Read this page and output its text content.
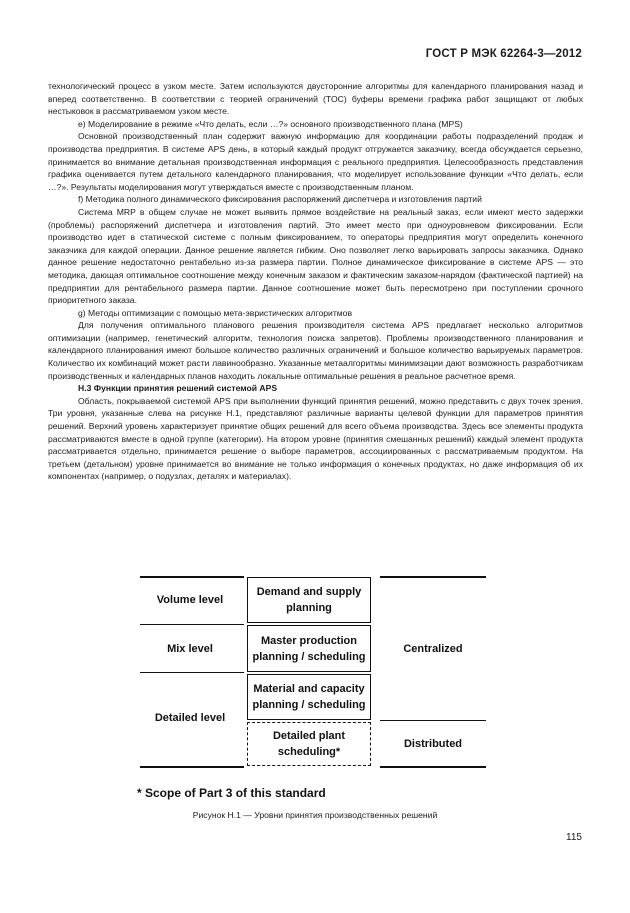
ГОСТ Р МЭК 62264-3—2012

технологический процесс в узком месте. Затем используются двусторонние алгоритмы для календарного планирования назад и вперед соответственно. В соответствии с теорией ограничений (TOC) буферы времени графика работ защищают от любых нестыковок в рассматриваемом узком месте.

e) Моделирование в режиме «Что делать, если …?» основного производственного плана (MPS)

Основной производственный план содержит важную информацию для координации работы подразделений продаж и производства предприятия. В системе APS день, в который каждый продукт отгружается заказчику, всегда обсуждается серьезно, принимается во внимание детальная производственная информация с реального предприятия. Целесообразность представления графика оценивается путем детального календарного планирования, что моделирует использование функции «Что делать, если …?». Результаты моделирования могут утверждаться вместе с производственным планом.

f) Методика полного динамического фиксирования распоряжений диспетчера и изготовления партий

Система MRP в общем случае не может выявить прямое воздействие на реальный заказ, если имеют место задержки (проблемы) распоряжений диспетчера и изготовления партий. Это имеет место при одноуровневом фиксировании. Если производство идет в статической системе с полным фиксированием, то операторы предприятия могут определить конечного заказчика для каждой операции. Данное решение является гибким. Оно позволяет легко варьировать запросы заказчика. Однако данное решение недостаточно рентабельно из-за размера партии. Полное динамическое фиксирование в системе APS — это методика, дающая оптимальное соотношение между конечным заказом и фактическим заказом-нарядом (фактической партией) на предприятии для рентабельного размера партии. Данное соотношение может быть пересмотрено при поступлении срочного приоритетного заказа.

g) Методы оптимизации с помощью мета-эвристических алгоритмов

Для получения оптимального планового решения производителя система APS предлагает несколько алгоритмов оптимизации (например, генетический алгоритм, технология поиска запретов). Проблемы производственного планирования и календарного планирования имеют большое количество различных ограничений и большое количество варьируемых параметров. Количество их комбинаций может расти лавинообразно. Указанные метаалгоритмы минимизации дают возможность разработчикам производственных и календарных планов находить локальные оптимальные решения в реальное расчетное время.

Н.3 Функции принятия решений системой APS

Область, покрываемой системой APS при выполнении функций принятия решений, можно представить с двух точек зрения. Три уровня, указанные слева на рисунке Н.1, представляют различные варианты целевой функции для параметров принятия решений. Верхний уровень характеризует принятие общих решений для всего объема производства. Здесь все элементы продукта рассматриваются вместе в одной группе (категории). На втором уровне (принятия смешанных решений) каждый элемент продукта рассматривается отдельно, принимается решение о выборе параметров, ассоциированных с рассматриваемым продуктом. На третьем (детальном) уровне принимается во внимание не только информация о конечных продуктах, но даже информация об их компонентах (например, о подузлах, деталях и материалах).

Demand and supply planning
Master production planning / scheduling
Material and capacity planning / scheduling
Detailed plant scheduling*
Volume level
Mix level
Detailed level
Centralized
Distributed
* Scope of Part 3 of this standard
Рисунок Н.1 — Уровни принятия производственных решений
115
